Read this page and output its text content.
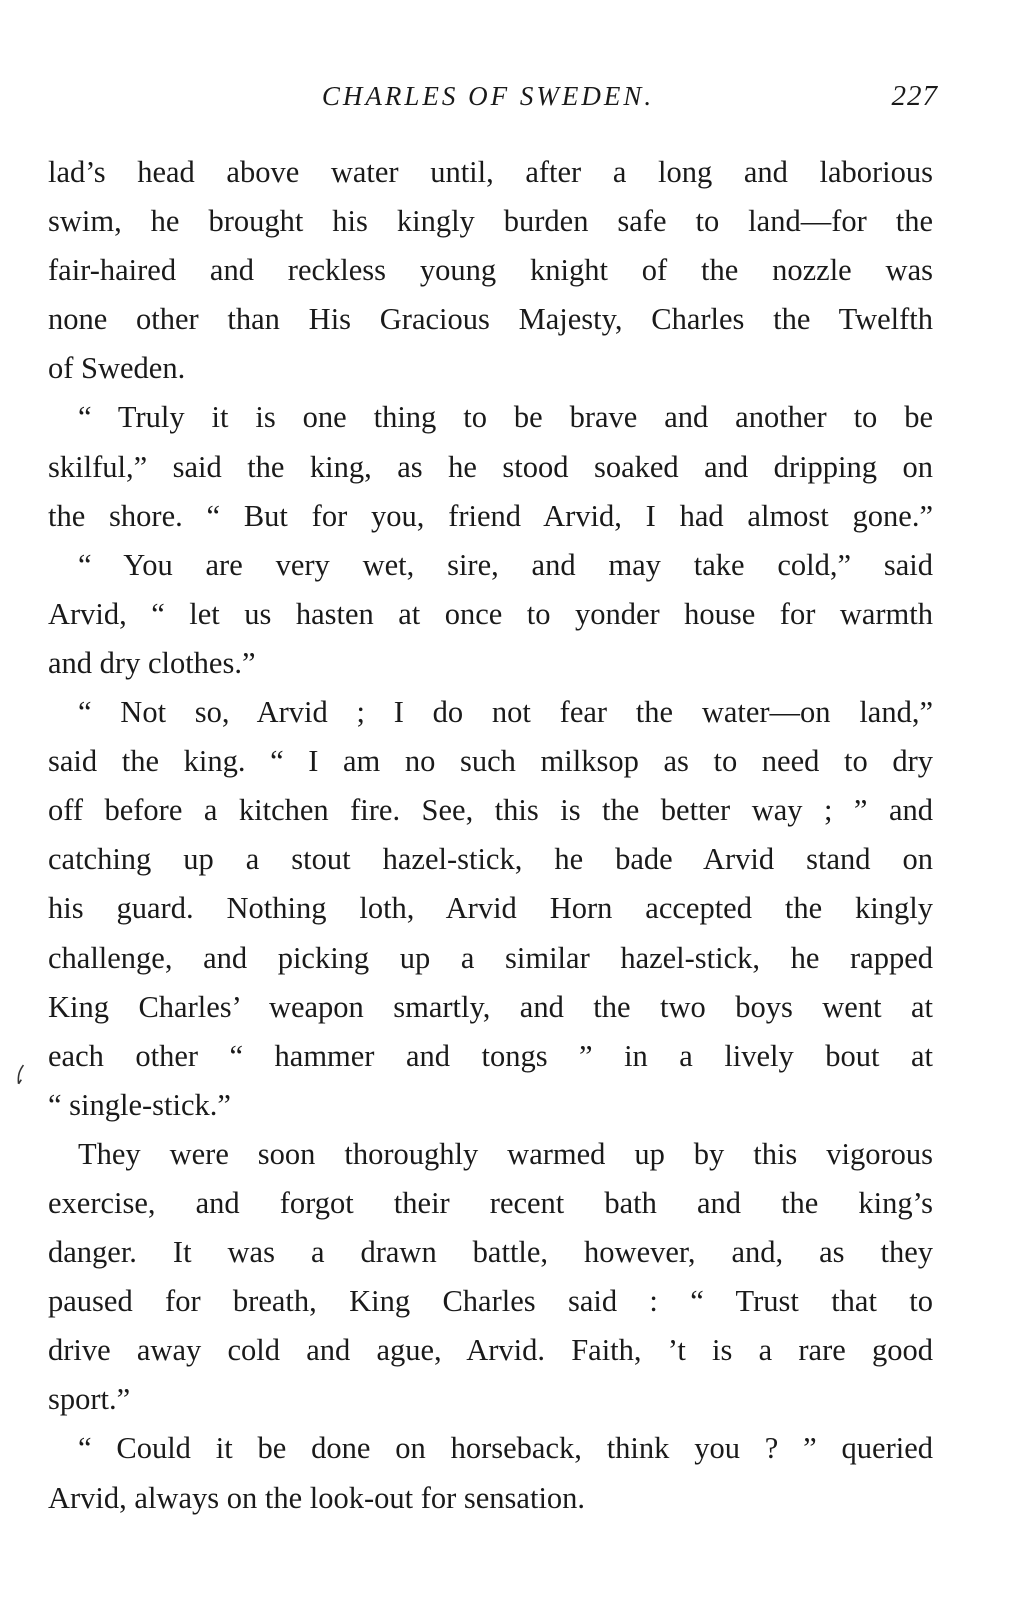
CHARLES OF SWEDEN.	227
lad’s head above water until, after a long and laborious
swim, he brought his kingly burden safe to land—for the
fair-haired and reckless young knight of the nozzle was
none other than His Gracious Majesty, Charles the Twelfth
of Sweden.
“ Truly it is one thing to be brave and another to be
skilful,” said the king, as he stood soaked and dripping on
the shore. “ But for you, friend Arvid, I had almost gone.”
“ You are very wet, sire, and may take cold,” said
Arvid, “ let us hasten at once to yonder house for warmth
and dry clothes.”
“ Not so, Arvid ; I do not fear the water—on land,”
said the king. “ I am no such milksop as to need to dry
off before a kitchen fire. See, this is the better way ; ” and
catching up a stout hazel-stick, he bade Arvid stand on
his guard. Nothing loth, Arvid Horn accepted the kingly
challenge, and picking up a similar hazel-stick, he rapped
King Charles’ weapon smartly, and the two boys went at
each other “ hammer and tongs ” in a lively bout at
“ single-stick.”
They were soon thoroughly warmed up by this vigorous
exercise, and forgot their recent bath and the king’s
danger. It was a drawn battle, however, and, as they
paused for breath, King Charles said : “ Trust that to
drive away cold and ague, Arvid. Faith, ’t is a rare good
sport.”
“ Could it be done on horseback, think you ? ” queried
Arvid, always on the look-out for sensation.
